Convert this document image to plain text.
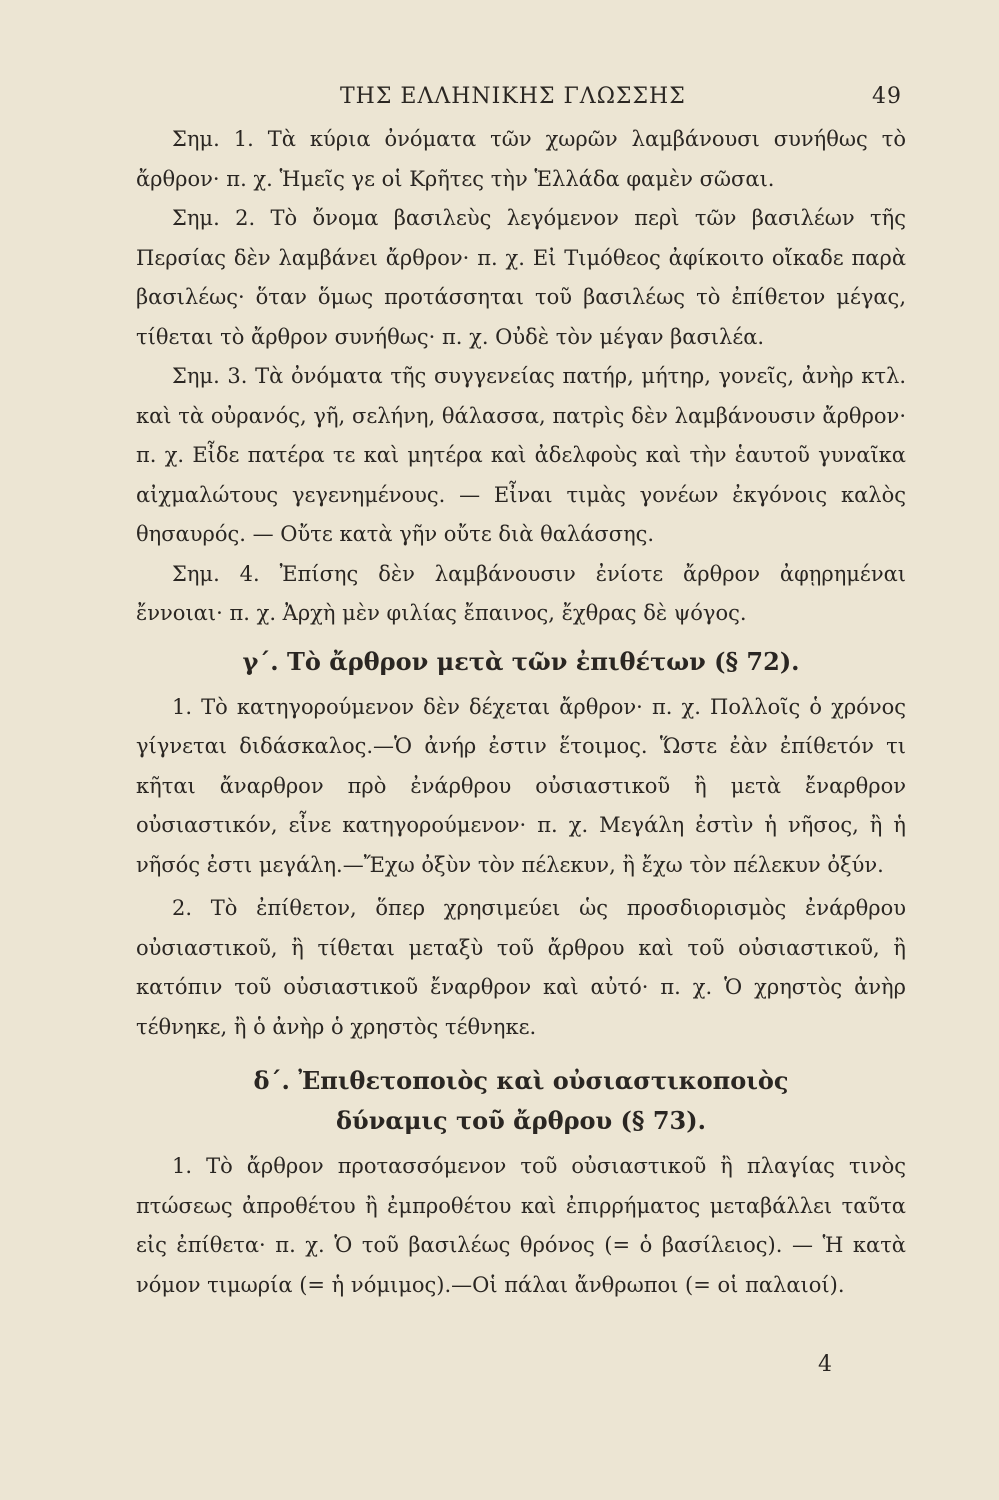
ΤΗΣ ΕΛΛΗΝΙΚΗΣ ΓΛΩΣΣΗΣ	49

Σημ. 1. Τὰ κύρια ὀνόματα τῶν χωρῶν λαμβάνουσι συνήθως τὸ ἄρθρον· π. χ. Ἡμεῖς γε οἱ Κρῆτες τὴν Ἑλλάδα φαμὲν σῶσαι.

Σημ. 2. Τὸ ὄνομα βασιλεὺς λεγόμενον περὶ τῶν βασιλέων τῆς Περσίας δὲν λαμβάνει ἄρθρον· π. χ. Εἰ Τιμόθεος ἀφίκοιτο οἴκαδε παρὰ βασιλέως· ὅταν ὅμως προτάσσηται τοῦ βασιλέως τὸ ἐπίθετον μέγας, τίθεται τὸ ἄρθρον συνήθως· π. χ. Οὐδὲ τὸν μέγαν βασιλέα.

Σημ. 3. Τὰ ὀνόματα τῆς συγγενείας πατήρ, μήτηρ, γονεῖς, ἀνὴρ κτλ. καὶ τὰ οὐρανός, γῆ, σελήνη, θάλασσα, πατρὶς δὲν λαμβάνουσιν ἄρθρον· π. χ. Εἶδε πατέρα τε καὶ μητέρα καὶ ἀδελφοὺς καὶ τὴν ἑαυτοῦ γυναῖκα αἰχμαλώτους γεγενημένους. — Εἶναι τιμὰς γονέων ἐκγόνοις καλὸς θησαυρός. — Οὔτε κατὰ γῆν οὔτε διὰ θαλάσσης.

Σημ. 4. Ἐπίσης δὲν λαμβάνουσιν ἐνίοτε ἄρθρον ἀφῃρημέναι ἔννοιαι· π. χ. Ἀρχὴ μὲν φιλίας ἔπαινος, ἔχθρας δὲ ψόγος.

γ΄. Τὸ ἄρθρον μετὰ τῶν ἐπιθέτων (§ 72).

1. Τὸ κατηγορούμενον δὲν δέχεται ἄρθρον· π. χ. Πολλοῖς ὁ χρόνος γίγνεται διδάσκαλος.—Ὁ ἀνήρ ἐστιν ἕτοιμος. Ὥστε ἐὰν ἐπίθετόν τι κῆται ἄναρθρον πρὸ ἐνάρθρου οὐσιαστικοῦ ἢ μετὰ ἔναρθρον οὐσιαστικόν, εἶνε κατηγορούμενον· π. χ. Μεγάλη ἐστὶν ἡ νῆσος, ἢ ἡ νῆσός ἐστι μεγάλη.—Ἔχω ὀξὺν τὸν πέλεκυν, ἢ ἔχω τὸν πέλεκυν ὀξύν.

2. Τὸ ἐπίθετον, ὅπερ χρησιμεύει ὡς προσδιορισμὸς ἐνάρθρου οὐσιαστικοῦ, ἢ τίθεται μεταξὺ τοῦ ἄρθρου καὶ τοῦ οὐσιαστικοῦ, ἢ κατόπιν τοῦ οὐσιαστικοῦ ἔναρθρον καὶ αὐτό· π. χ. Ὁ χρηστὸς ἀνὴρ τέθνηκε, ἢ ὁ ἀνὴρ ὁ χρηστὸς τέθνηκε.

δ΄. Ἐπιθετοποιὸς καὶ οὐσιαστικοποιὸς
δύναμις τοῦ ἄρθρου (§ 73).

1. Τὸ ἄρθρον προτασσόμενον τοῦ οὐσιαστικοῦ ἢ πλαγίας τινὸς πτώσεως ἀπροθέτου ἢ ἐμπροθέτου καὶ ἐπιρρήματος μεταβάλλει ταῦτα εἰς ἐπίθετα· π. χ. Ὁ τοῦ βασιλέως θρόνος (= ὁ βασίλειος). — Ἡ κατὰ νόμον τιμωρία (= ἡ νόμιμος).—Οἱ πάλαι ἄνθρωποι (= οἱ παλαιοί).

4
